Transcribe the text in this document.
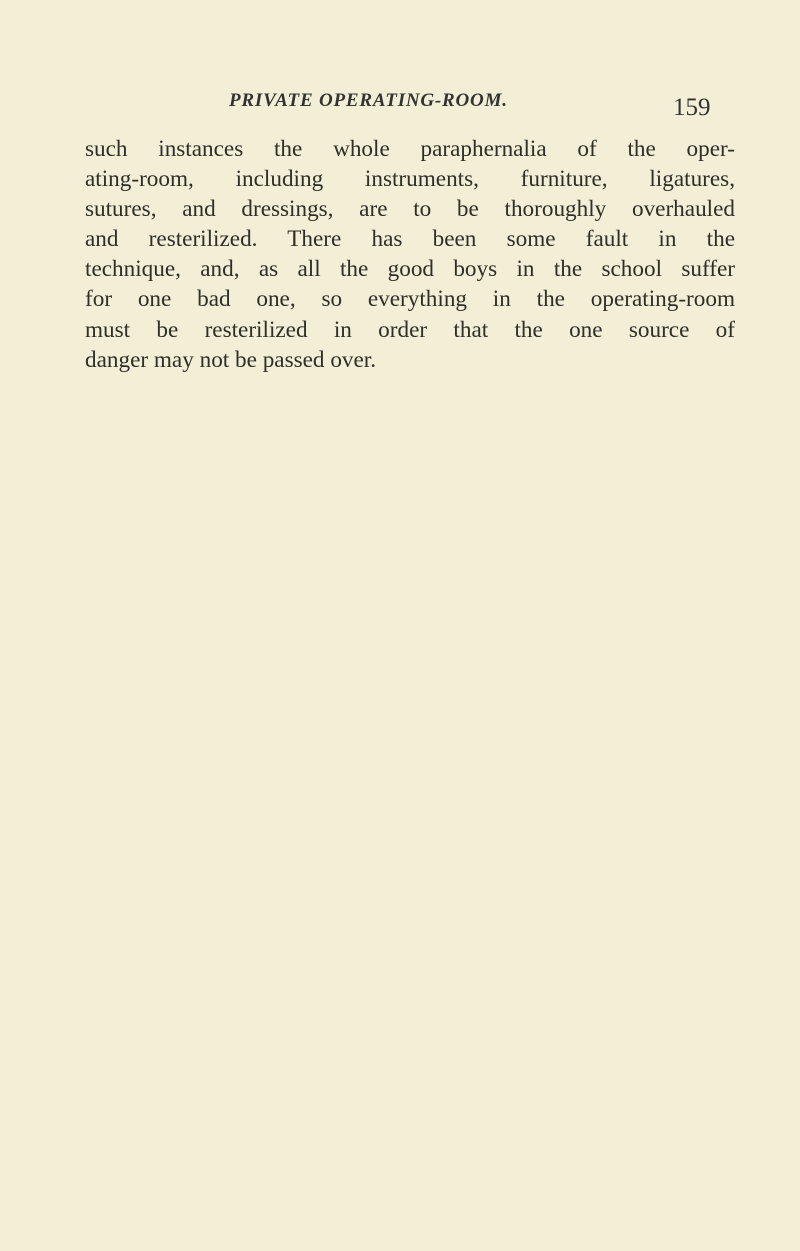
PRIVATE OPERATING-ROOM.	159
such instances the whole paraphernalia of the oper-
ating-room, including instruments, furniture, ligatures,
sutures, and dressings, are to be thoroughly overhauled
and resterilized. There has been some fault in the
technique, and, as all the good boys in the school suffer
for one bad one, so everything in the operating-room
must be resterilized in order that the one source of
danger may not be passed over.
